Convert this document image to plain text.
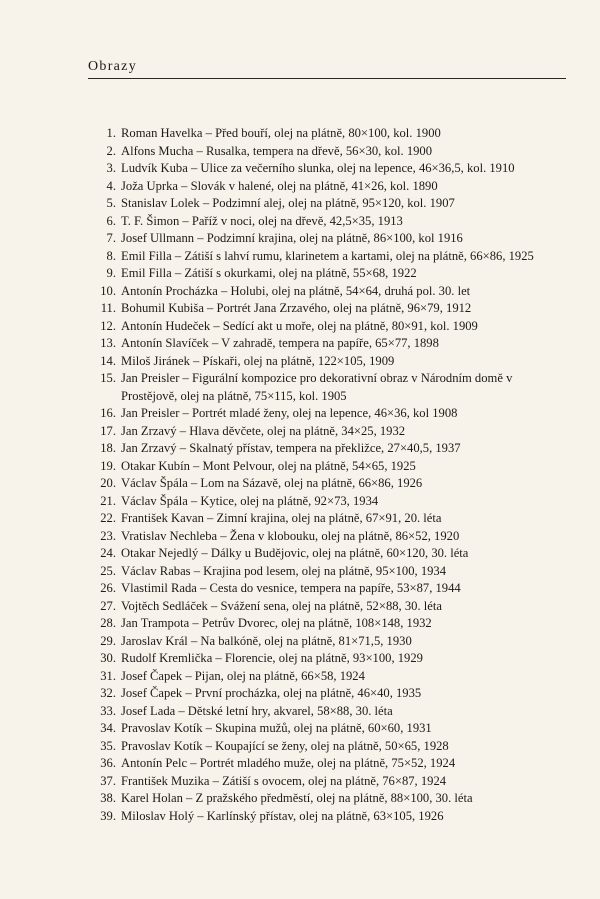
Obrazy
1. Roman Havelka – Před bouří, olej na plátně, 80×100, kol. 1900
2. Alfons Mucha – Rusalka, tempera na dřevě, 56×30, kol. 1900
3. Ludvík Kuba – Ulice za večerního slunka, olej na lepence, 46×36,5, kol. 1910
4. Joža Uprka – Slovák v halené, olej na plátně, 41×26, kol. 1890
5. Stanislav Lolek – Podzimní alej, olej na plátně, 95×120, kol. 1907
6. T. F. Šimon – Paříž v noci, olej na dřevě, 42,5×35, 1913
7. Josef Ullmann – Podzimní krajina, olej na plátně, 86×100, kol 1916
8. Emil Filla – Zátiší s lahví rumu, klarinetem a kartami, olej na plátně, 66×86, 1925
9. Emil Filla – Zátiší s okurkami, olej na plátně, 55×68, 1922
10. Antonín Procházka – Holubi, olej na plátně, 54×64, druhá pol. 30. let
11. Bohumil Kubiša – Portrét Jana Zrzavého, olej na plátně, 96×79, 1912
12. Antonín Hudeček – Sedící akt u moře, olej na plátně, 80×91, kol. 1909
13. Antonín Slavíček – V zahradě, tempera na papíře, 65×77, 1898
14. Miloš Jiránek – Pískaři, olej na plátně, 122×105, 1909
15. Jan Preisler – Figurální kompozice pro dekorativní obraz v Národním domě v Prostějově, olej na plátně, 75×115, kol. 1905
16. Jan Preisler – Portrét mladé ženy, olej na lepence, 46×36, kol 1908
17. Jan Zrzavý – Hlava děvčete, olej na plátně, 34×25, 1932
18. Jan Zrzavý – Skalnatý přístav, tempera na překližce, 27×40,5, 1937
19. Otakar Kubín – Mont Pelvour, olej na plátně, 54×65, 1925
20. Václav Špála – Lom na Sázavě, olej na plátně, 66×86, 1926
21. Václav Špála – Kytice, olej na plátně, 92×73, 1934
22. František Kavan – Zimní krajina, olej na plátně, 67×91, 20. léta
23. Vratislav Nechleba – Žena v klobouku, olej na plátně, 86×52, 1920
24. Otakar Nejedlý – Dálky u Budějovic, olej na plátně, 60×120, 30. léta
25. Václav Rabas – Krajina pod lesem, olej na plátně, 95×100, 1934
26. Vlastimil Rada – Cesta do vesnice, tempera na papíře, 53×87, 1944
27. Vojtěch Sedláček – Svážení sena, olej na plátně, 52×88, 30. léta
28. Jan Trampota – Petrův Dvorec, olej na plátně, 108×148, 1932
29. Jaroslav Král – Na balkóně, olej na plátně, 81×71,5, 1930
30. Rudolf Kremlička – Florencie, olej na plátně, 93×100, 1929
31. Josef Čapek – Pijan, olej na plátně, 66×58, 1924
32. Josef Čapek – První procházka, olej na plátně, 46×40, 1935
33. Josef Lada – Dětské letní hry, akvarel, 58×88, 30. léta
34. Pravoslav Kotík – Skupina mužů, olej na plátně, 60×60, 1931
35. Pravoslav Kotík – Koupající se ženy, olej na plátně, 50×65, 1928
36. Antonín Pelc – Portrét mladého muže, olej na plátně, 75×52, 1924
37. František Muzika – Zátiší s ovocem, olej na plátně, 76×87, 1924
38. Karel Holan – Z pražského předměstí, olej na plátně, 88×100, 30. léta
39. Miloslav Holý – Karlínský přístav, olej na plátně, 63×105, 1926
